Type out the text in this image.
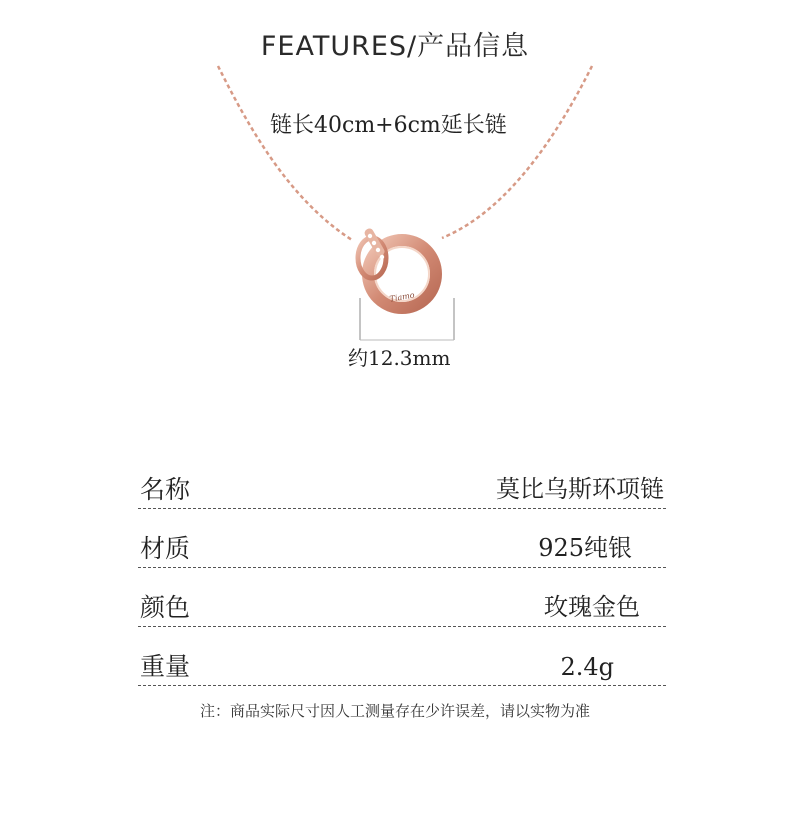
FEATURES/产品信息
Tiamo
链长40cm+6cm延长链
约12.3mm
名称	莫比乌斯环项链
材质	925纯银
颜色	玫瑰金色
重量	2.4g
注：商品实际尺寸因人工测量存在少许误差，请以实物为准
